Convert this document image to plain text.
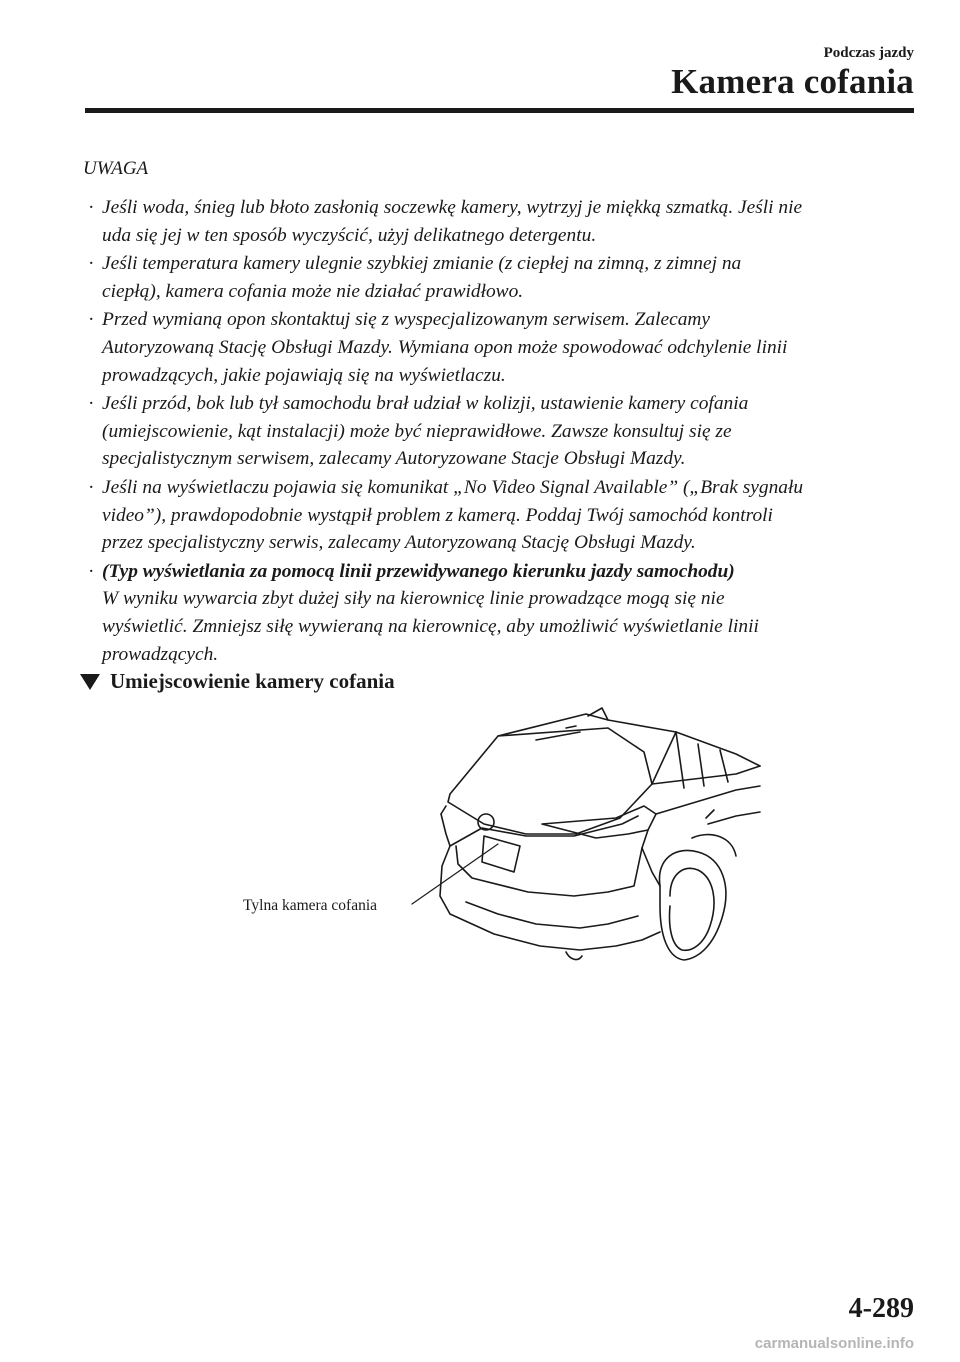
Podczas jazdy
Kamera cofania
UWAGA
· Jeśli woda, śnieg lub błoto zasłonią soczewkę kamery, wytrzyj je miękką szmatką. Jeśli nie
uda się jej w ten sposób wyczyścić, użyj delikatnego detergentu.
· Jeśli temperatura kamery ulegnie szybkiej zmianie (z ciepłej na zimną, z zimnej na
ciepłą), kamera cofania może nie działać prawidłowo.
· Przed wymianą opon skontaktuj się z wyspecjalizowanym serwisem. Zalecamy
Autoryzowaną Stację Obsługi Mazdy. Wymiana opon może spowodować odchylenie linii
prowadzących, jakie pojawiają się na wyświetlaczu.
· Jeśli przód, bok lub tył samochodu brał udział w kolizji, ustawienie kamery cofania
(umiejscowienie, kąt instalacji) może być nieprawidłowe. Zawsze konsultuj się ze
specjalistycznym serwisem, zalecamy Autoryzowane Stacje Obsługi Mazdy.
· Jeśli na wyświetlaczu pojawia się komunikat „No Video Signal Available” („Brak sygnału
video”), prawdopodobnie wystąpił problem z kamerą. Poddaj Twój samochód kontroli
przez specjalistyczny serwis, zalecamy Autoryzowaną Stację Obsługi Mazdy.
· (Typ wyświetlania za pomocą linii przewidywanego kierunku jazdy samochodu)
W wyniku wywarcia zbyt dużej siły na kierownicę linie prowadzące mogą się nie
wyświetlić. Zmniejsz siłę wywieraną na kierownicę, aby umożliwić wyświetlanie linii
prowadzących.
Umiejscowienie kamery cofania
Tylna kamera cofania
4-289
carmanualsonline.info
